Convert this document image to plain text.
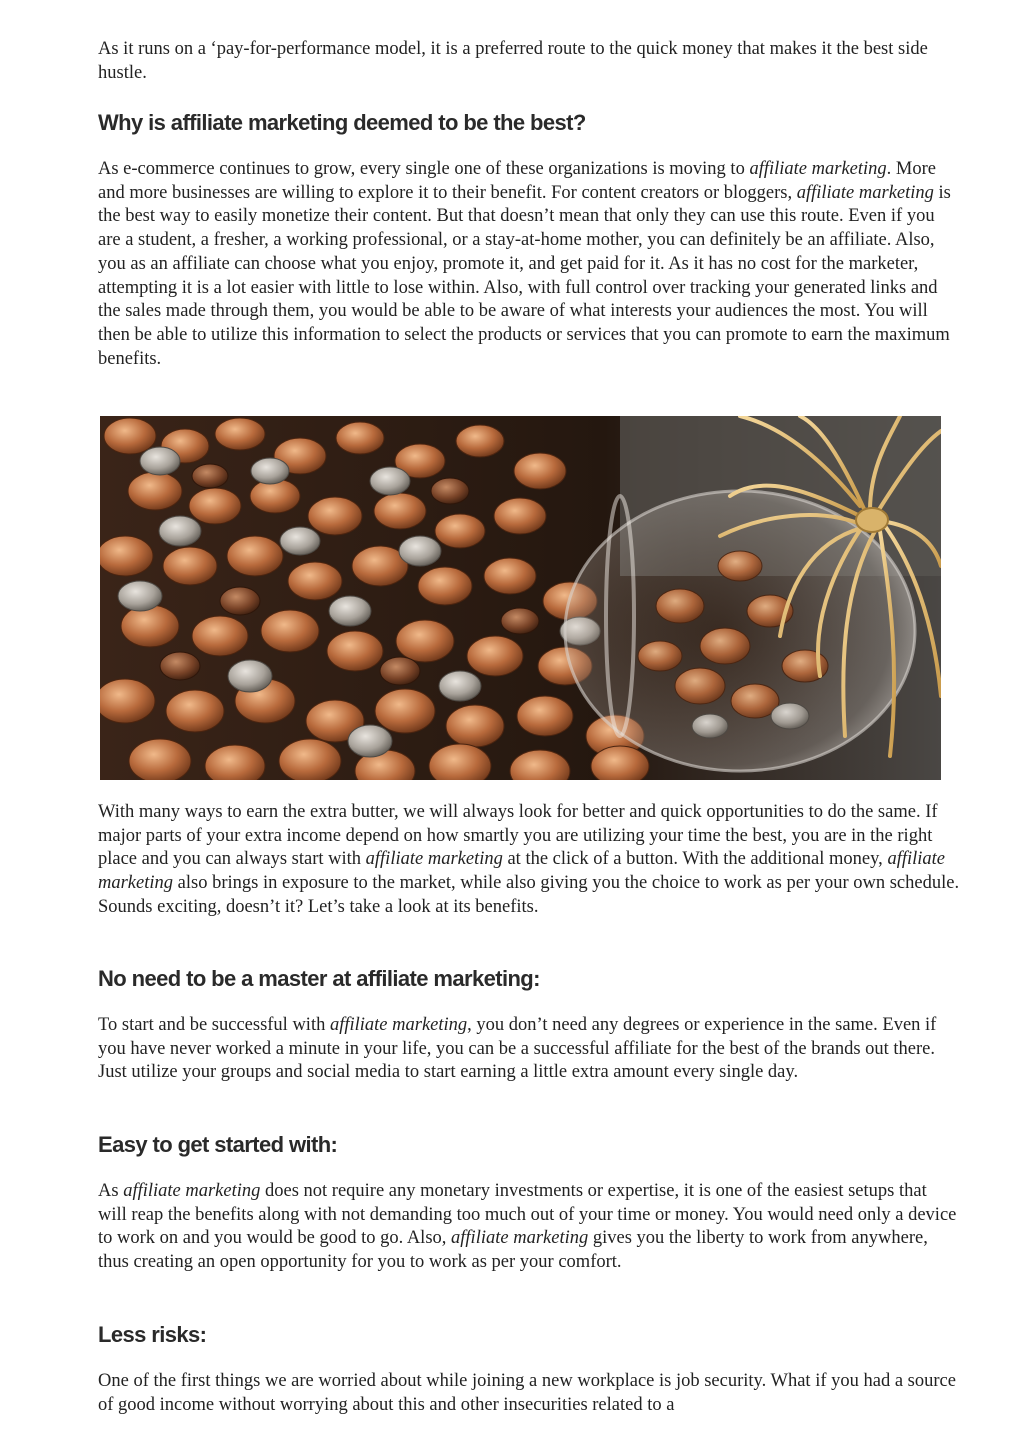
As it runs on a ‘pay-for-performance model, it is a preferred route to the quick money that makes it the best side hustle.

Why is affiliate marketing deemed to be the best?

As e-commerce continues to grow, every single one of these organizations is moving to affiliate marketing. More and more businesses are willing to explore it to their benefit. For content creators or bloggers, affiliate marketing is the best way to easily monetize their content. But that doesn’t mean that only they can use this route. Even if you are a student, a fresher, a working professional, or a stay-at-home mother, you can definitely be an affiliate. Also, you as an affiliate can choose what you enjoy, promote it, and get paid for it. As it has no cost for the marketer, attempting it is a lot easier with little to lose within. Also, with full control over tracking your generated links and the sales made through them, you would be able to be aware of what interests your audiences the most. You will then be able to utilize this information to select the products or services that you can promote to earn the maximum benefits.

With many ways to earn the extra butter, we will always look for better and quick opportunities to do the same. If major parts of your extra income depend on how smartly you are utilizing your time the best, you are in the right place and you can always start with affiliate marketing at the click of a button. With the additional money, affiliate marketing also brings in exposure to the market, while also giving you the choice to work as per your own schedule. Sounds exciting, doesn’t it? Let’s take a look at its benefits.

No need to be a master at affiliate marketing:

To start and be successful with affiliate marketing, you don’t need any degrees or experience in the same. Even if you have never worked a minute in your life, you can be a successful affiliate for the best of the brands out there. Just utilize your groups and social media to start earning a little extra amount every single day.

Easy to get started with:

As affiliate marketing does not require any monetary investments or expertise, it is one of the easiest setups that will reap the benefits along with not demanding too much out of your time or money. You would need only a device to work on and you would be good to go. Also, affiliate marketing gives you the liberty to work from anywhere, thus creating an open opportunity for you to work as per your comfort.

Less risks:

One of the first things we are worried about while joining a new workplace is job security. What if you had a source of good income without worrying about this and other insecurities related to a
